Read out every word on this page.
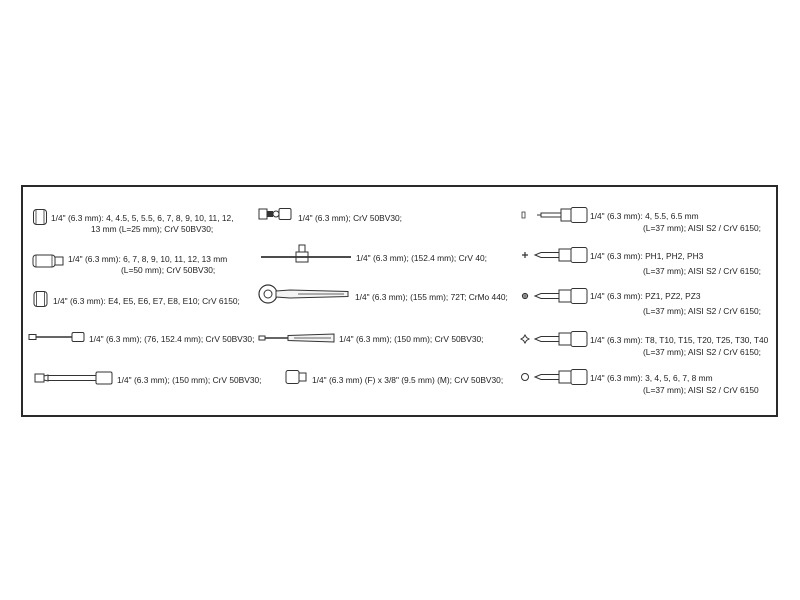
1/4" (6.3 mm): 4, 4.5, 5, 5.5, 6, 7, 8, 9, 10, 11, 12,
13 mm (L=25 mm); CrV 50BV30;
1/4" (6.3 mm): 6, 7, 8, 9, 10, 11, 12, 13 mm
(L=50 mm); CrV 50BV30;
1/4" (6.3 mm): E4, E5, E6, E7, E8, E10; CrV 6150;
1/4" (6.3 mm); (76, 152.4 mm); CrV 50BV30;
1/4" (6.3 mm); (150 mm); CrV 50BV30;
1/4" (6.3 mm); CrV 50BV30;
1/4" (6.3 mm); (152.4 mm); CrV 40;
1/4" (6.3 mm); (155 mm); 72T; CrMo 440;
1/4" (6.3 mm); (150 mm); CrV 50BV30;
1/4" (6.3 mm) (F) x 3/8" (9.5 mm) (M); CrV 50BV30;
1/4" (6.3 mm): 4, 5.5, 6.5 mm
(L=37 mm); AISI S2 / CrV 6150;
1/4" (6.3 mm): PH1, PH2, PH3
(L=37 mm); AISI S2 / CrV 6150;
1/4" (6.3 mm): PZ1, PZ2, PZ3
(L=37 mm); AISI S2 / CrV 6150;
1/4" (6.3 mm): T8, T10, T15, T20, T25, T30, T40
(L=37 mm); AISI S2 / CrV 6150;
1/4" (6.3 mm): 3, 4, 5, 6, 7, 8 mm
(L=37 mm); AISI S2 / CrV 6150
